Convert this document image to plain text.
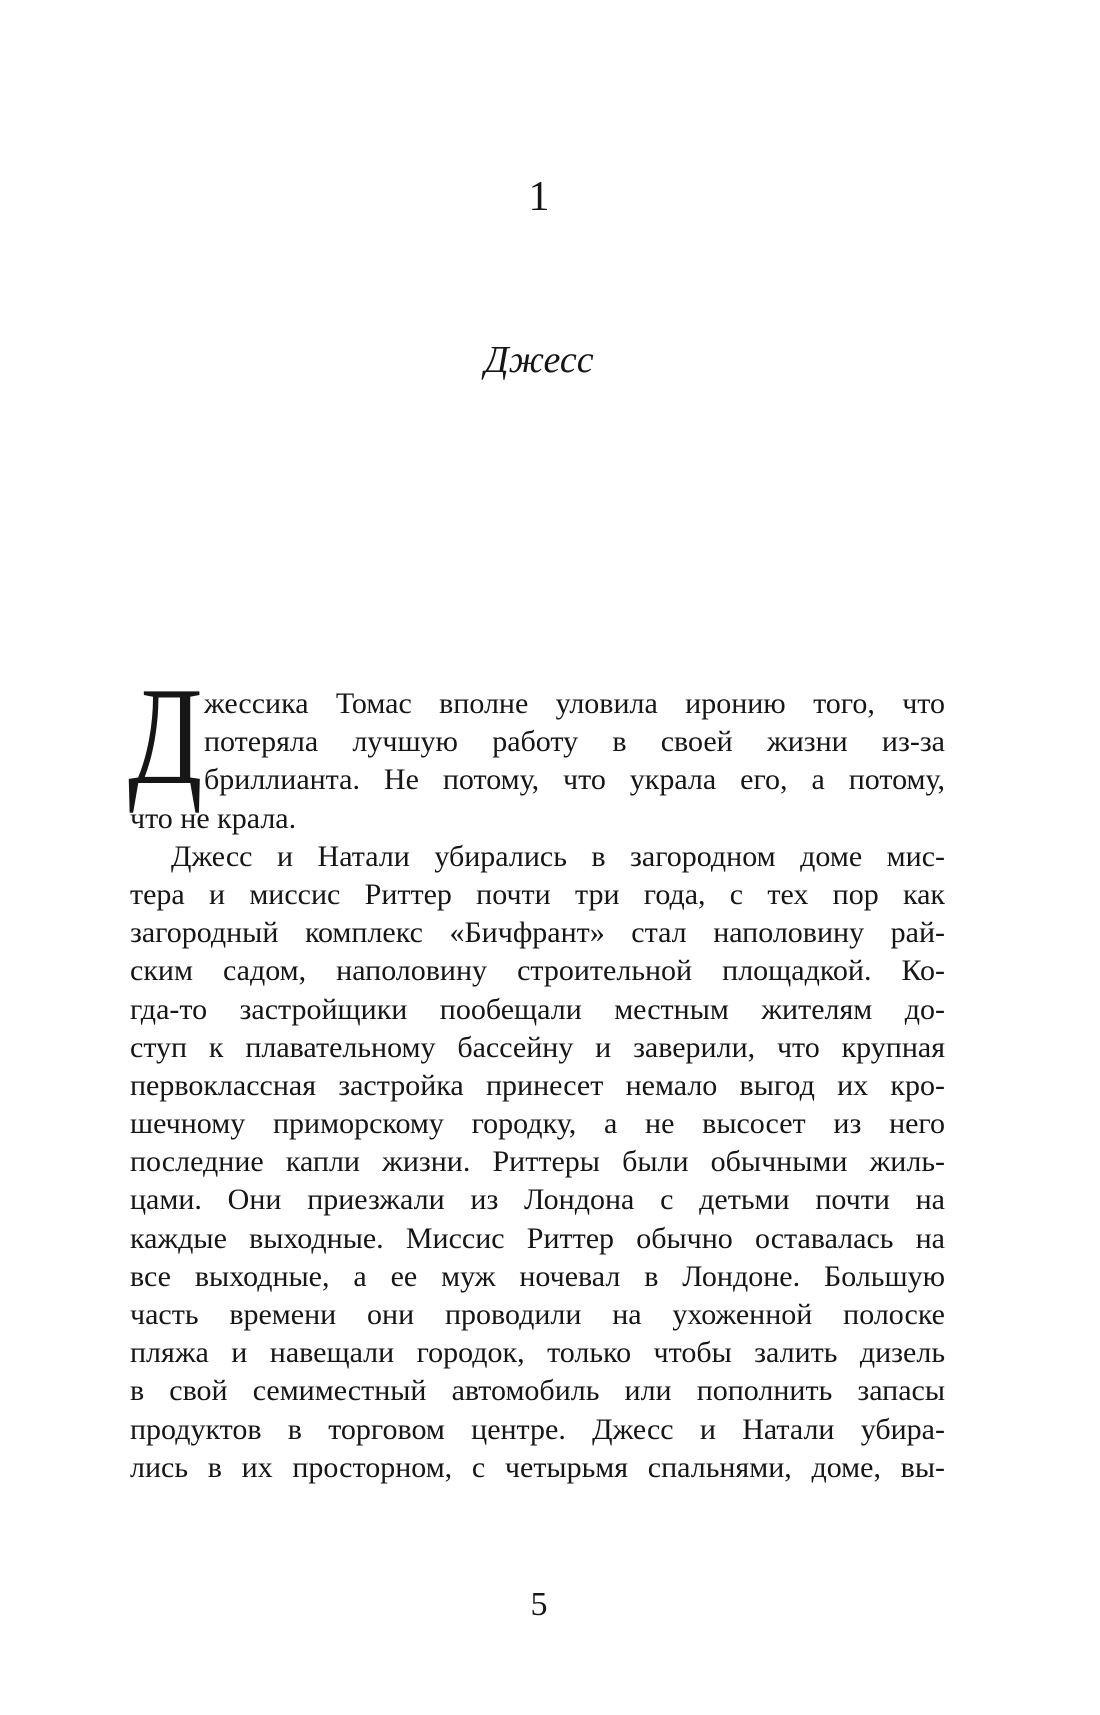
1
Джесс
Д жессика Томас вполне уловила иронию того, что
потеряла лучшую работу в своей жизни из-за
бриллианта. Не потому, что украла его, а потому,
что не крала.
Джесс и Натали убирались в загородном доме мис-
тера и миссис Риттер почти три года, с тех пор как
загородный комплекс «Бичфрант» стал наполовину рай-
ским садом, наполовину строительной площадкой. Ко-
гда-то застройщики пообещали местным жителям до-
ступ к плавательному бассейну и заверили, что крупная
первоклассная застройка принесет немало выгод их кро-
шечному приморскому городку, а не высосет из него
последние капли жизни. Риттеры были обычными жиль-
цами. Они приезжали из Лондона с детьми почти на
каждые выходные. Миссис Риттер обычно оставалась на
все выходные, а ее муж ночевал в Лондоне. Большую
часть времени они проводили на ухоженной полоске
пляжа и навещали городок, только чтобы залить дизель
в свой семиместный автомобиль или пополнить запасы
продуктов в торговом центре. Джесс и Натали убира-
лись в их просторном, с четырьмя спальнями, доме, вы-
5
